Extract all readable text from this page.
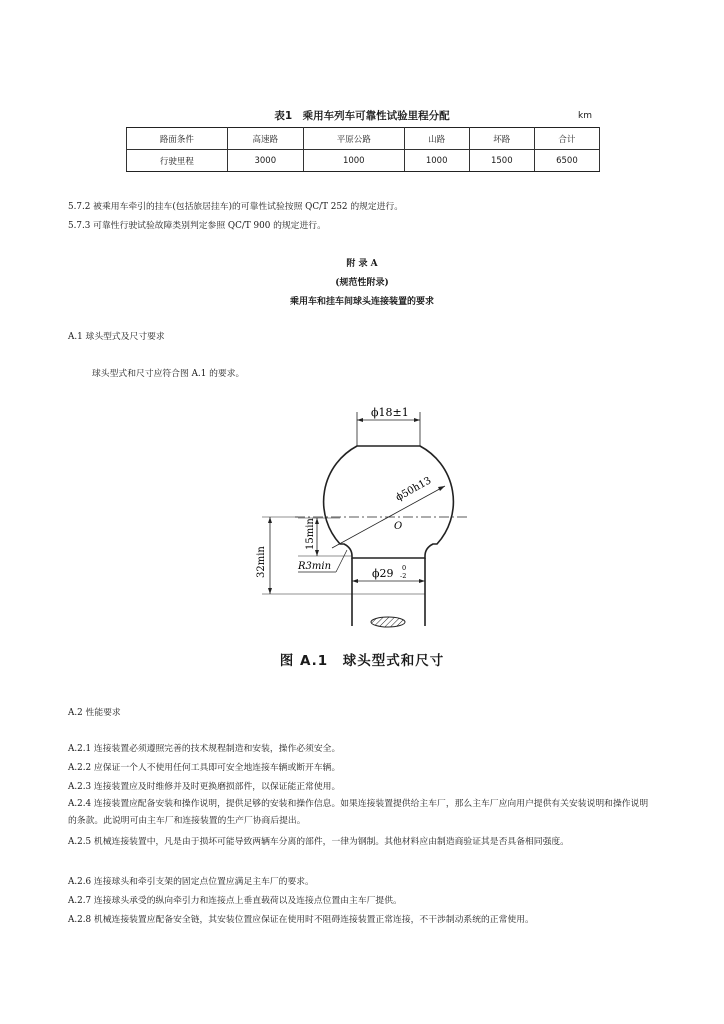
表1　乘用车列车可靠性试验里程分配	km
路面条件	高速路	平原公路	山路	坏路	合计
行驶里程	3000	1000	1000	1500	6500
5.7.2 被乘用车牵引的挂车(包括旅居挂车)的可靠性试验按照 QC/T 252 的规定进行。
5.7.3 可靠性行驶试验故障类别判定参照 QC/T 900 的规定进行。
附 录 A
(规范性附录)
乘用车和挂车间球头连接装置的要求
A.1 球头型式及尺寸要求
球头型式和尺寸应符合图 A.1 的要求。
ϕ18±1
ϕ50h13
O
15min
32min	R3min
ϕ29 0
-2
图 A.1　球头型式和尺寸
A.2 性能要求
A.2.1 连接装置必须遵照完善的技术规程制造和安装，操作必须安全。
A.2.2 应保证一个人不使用任何工具即可安全地连接车辆或断开车辆。
A.2.3 连接装置应及时维修并及时更换磨损部件，以保证能正常使用。
A.2.4 连接装置应配备安装和操作说明，提供足够的安装和操作信息。如果连接装置提供给主车厂，那么主车厂应向用户提供有关安装说明和操作说明的条款。此说明可由主车厂和连接装置的生产厂协商后提出。
A.2.5 机械连接装置中，凡是由于损坏可能导致两辆车分离的部件，一律为钢制。其他材料应由制造商验证其是否具备相同强度。
A.2.6 连接球头和牵引支架的固定点位置应满足主车厂的要求。
A.2.7 连接球头承受的纵向牵引力和连接点上垂直载荷以及连接点位置由主车厂提供。
A.2.8 机械连接装置应配备安全链，其安装位置应保证在使用时不阻碍连接装置正常连接，不干涉制动系统的正常使用。
